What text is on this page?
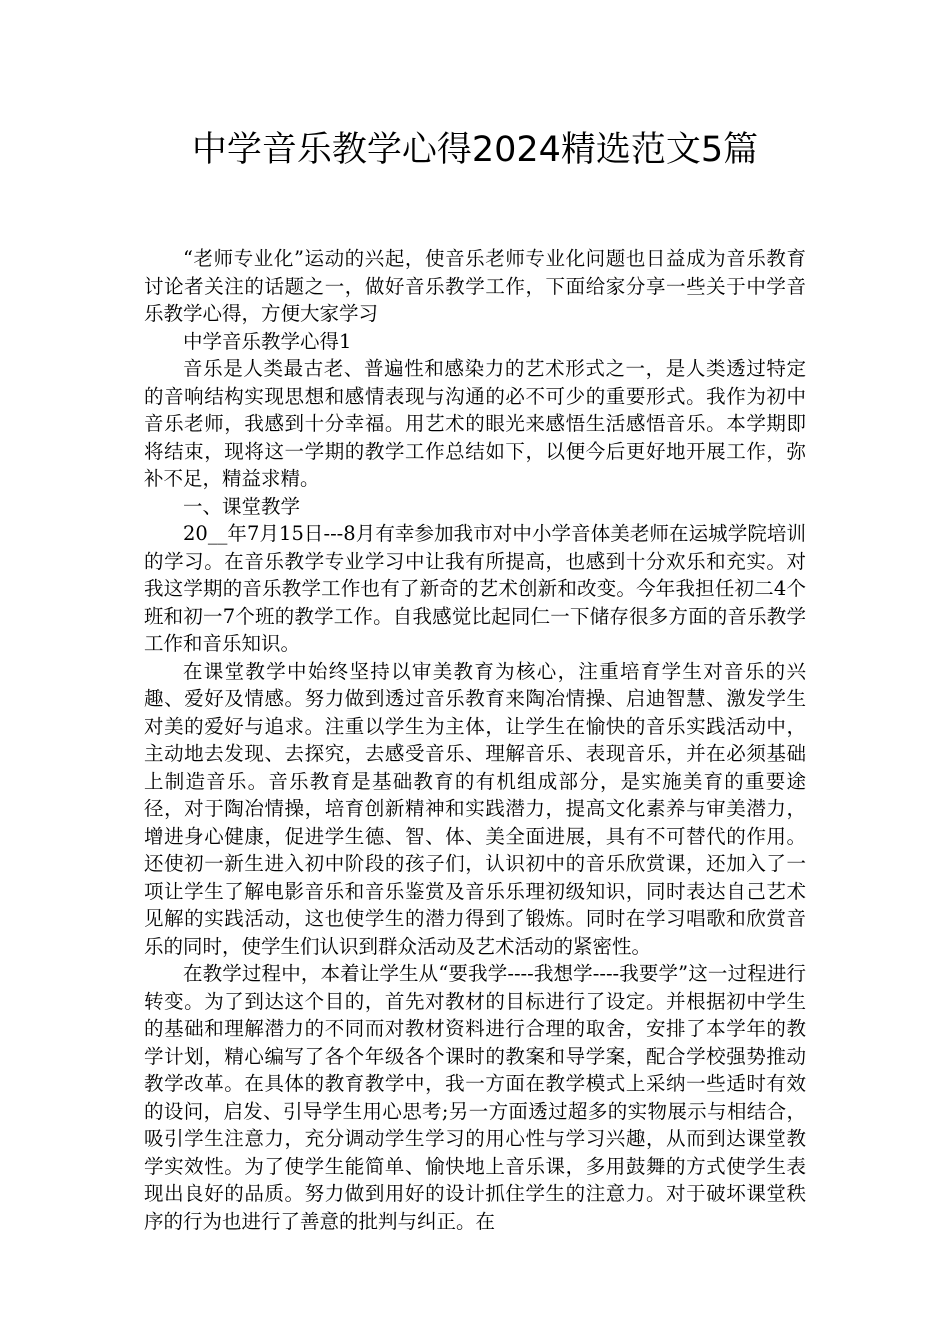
中学音乐教学心得2024精选范文5篇

“老师专业化”运动的兴起，使音乐老师专业化问题也日益成为音乐教育讨论者关注的话题之一，做好音乐教学工作，下面给家分享一些关于中学音乐教学心得，方便大家学习

中学音乐教学心得1

音乐是人类最古老、普遍性和感染力的艺术形式之一，是人类透过特定的音响结构实现思想和感情表现与沟通的必不可少的重要形式。我作为初中音乐老师，我感到十分幸福。用艺术的眼光来感悟生活感悟音乐。本学期即将结束，现将这一学期的教学工作总结如下，以便今后更好地开展工作，弥补不足，精益求精。

一、课堂教学

20__年7月15日---8月有幸参加我市对中小学音体美老师在运城学院培训的学习。在音乐教学专业学习中让我有所提高，也感到十分欢乐和充实。对我这学期的音乐教学工作也有了新奇的艺术创新和改变。今年我担任初二4个班和初一7个班的教学工作。自我感觉比起同仁一下储存很多方面的音乐教学工作和音乐知识。

在课堂教学中始终坚持以审美教育为核心，注重培育学生对音乐的兴趣、爱好及情感。努力做到透过音乐教育来陶冶情操、启迪智慧、激发学生对美的爱好与追求。注重以学生为主体，让学生在愉快的音乐实践活动中，主动地去发现、去探究，去感受音乐、理解音乐、表现音乐，并在必须基础上制造音乐。音乐教育是基础教育的有机组成部分，是实施美育的重要途径，对于陶冶情操，培育创新精神和实践潜力，提高文化素养与审美潜力，增进身心健康，促进学生德、智、体、美全面进展，具有不可替代的作用。还使初一新生进入初中阶段的孩子们，认识初中的音乐欣赏课，还加入了一项让学生了解电影音乐和音乐鉴赏及音乐乐理初级知识，同时表达自己艺术见解的实践活动，这也使学生的潜力得到了锻炼。同时在学习唱歌和欣赏音乐的同时，使学生们认识到群众活动及艺术活动的紧密性。

在教学过程中，本着让学生从“要我学----我想学----我要学”这一过程进行转变。为了到达这个目的，首先对教材的目标进行了设定。并根据初中学生的基础和理解潜力的不同而对教材资料进行合理的取舍，安排了本学年的教学计划，精心编写了各个年级各个课时的教案和导学案，配合学校强势推动教学改革。在具体的教育教学中，我一方面在教学模式上采纳一些适时有效的设问，启发、引导学生用心思考;另一方面透过超多的实物展示与相结合，吸引学生注意力，充分调动学生学习的用心性与学习兴趣，从而到达课堂教学实效性。为了使学生能简单、愉快地上音乐课，多用鼓舞的方式使学生表现出良好的品质。努力做到用好的设计抓住学生的注意力。对于破坏课堂秩序的行为也进行了善意的批判与纠正。在
